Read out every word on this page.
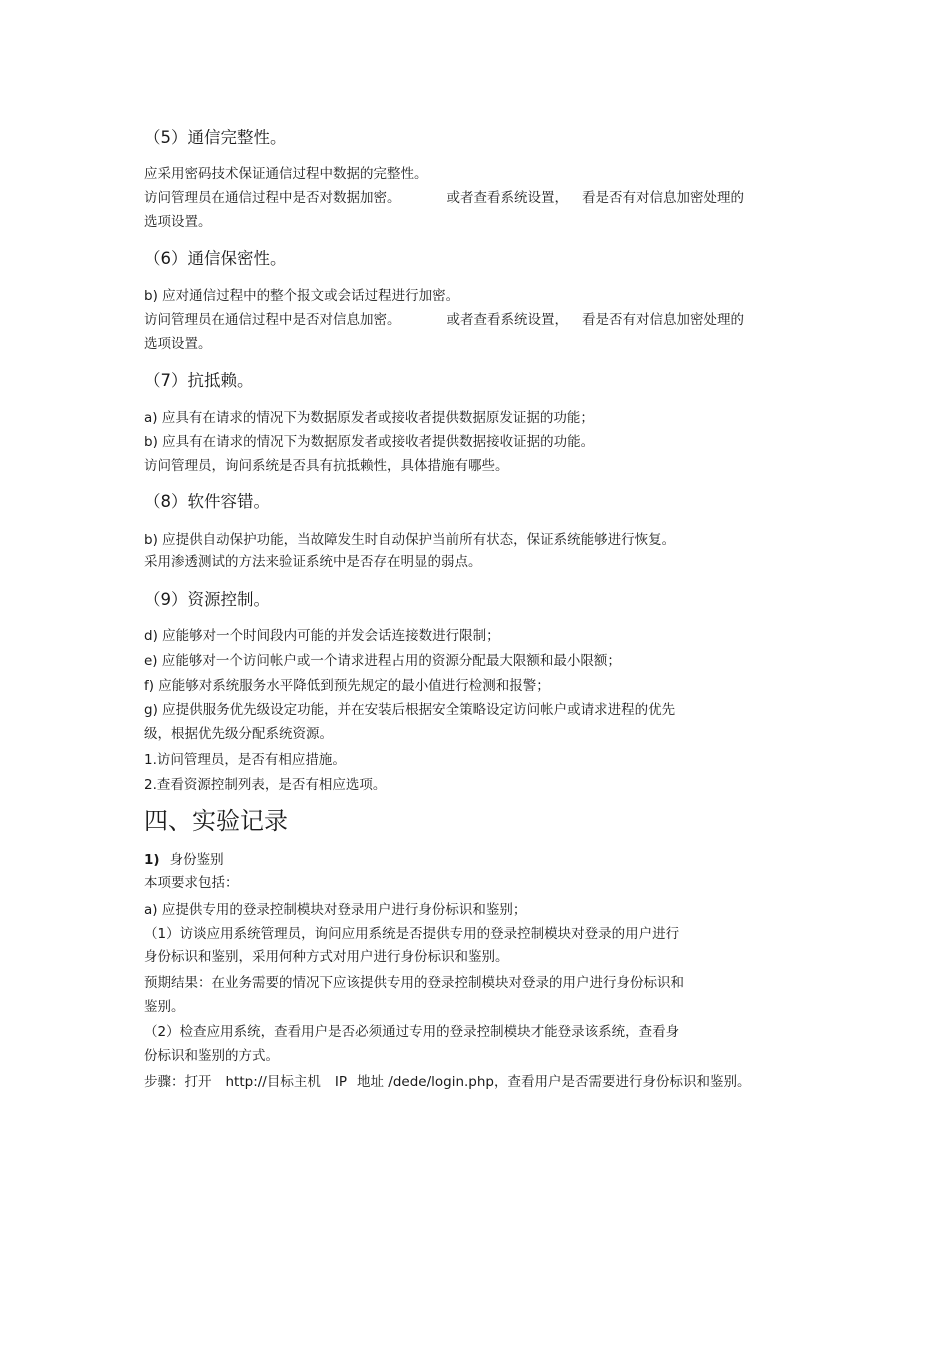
（5）通信完整性。
应采用密码技术保证通信过程中数据的完整性。
访问管理员在通信过程中是否对数据加密。	或者查看系统设置， 看是否有对信息加密处理的
选项设置。
（6）通信保密性。
b) 应对通信过程中的整个报文或会话过程进行加密。
访问管理员在通信过程中是否对信息加密。	或者查看系统设置， 看是否有对信息加密处理的
选项设置。
（7）抗抵赖。
a) 应具有在请求的情况下为数据原发者或接收者提供数据原发证据的功能；
b) 应具有在请求的情况下为数据原发者或接收者提供数据接收证据的功能。
访问管理员，询问系统是否具有抗抵赖性，具体措施有哪些。
（8）软件容错。
b) 应提供自动保护功能，当故障发生时自动保护当前所有状态，保证系统能够进行恢复。
采用渗透测试的方法来验证系统中是否存在明显的弱点。
（9）资源控制。
d) 应能够对一个时间段内可能的并发会话连接数进行限制；
e) 应能够对一个访问帐户或一个请求进程占用的资源分配最大限额和最小限额；
f) 应能够对系统服务水平降低到预先规定的最小值进行检测和报警；
g) 应提供服务优先级设定功能，并在安装后根据安全策略设定访问帐户或请求进程的优先
级，根据优先级分配系统资源。
1.访问管理员，是否有相应措施。
2.查看资源控制列表，是否有相应选项。
四、实验记录
1) 身份鉴别
本项要求包括：
a) 应提供专用的登录控制模块对登录用户进行身份标识和鉴别；
（1）访谈应用系统管理员，询问应用系统是否提供专用的登录控制模块对登录的用户进行
身份标识和鉴别，采用何种方式对用户进行身份标识和鉴别。
预期结果：在业务需要的情况下应该提供专用的登录控制模块对登录的用户进行身份标识和
鉴别。
（2）检查应用系统，查看用户是否必须通过专用的登录控制模块才能登录该系统，查看身
份标识和鉴别的方式。
步骤：打开 http://目标主机 IP 地址 /dede/login.php，查看用户是否需要进行身份标识和鉴别。
